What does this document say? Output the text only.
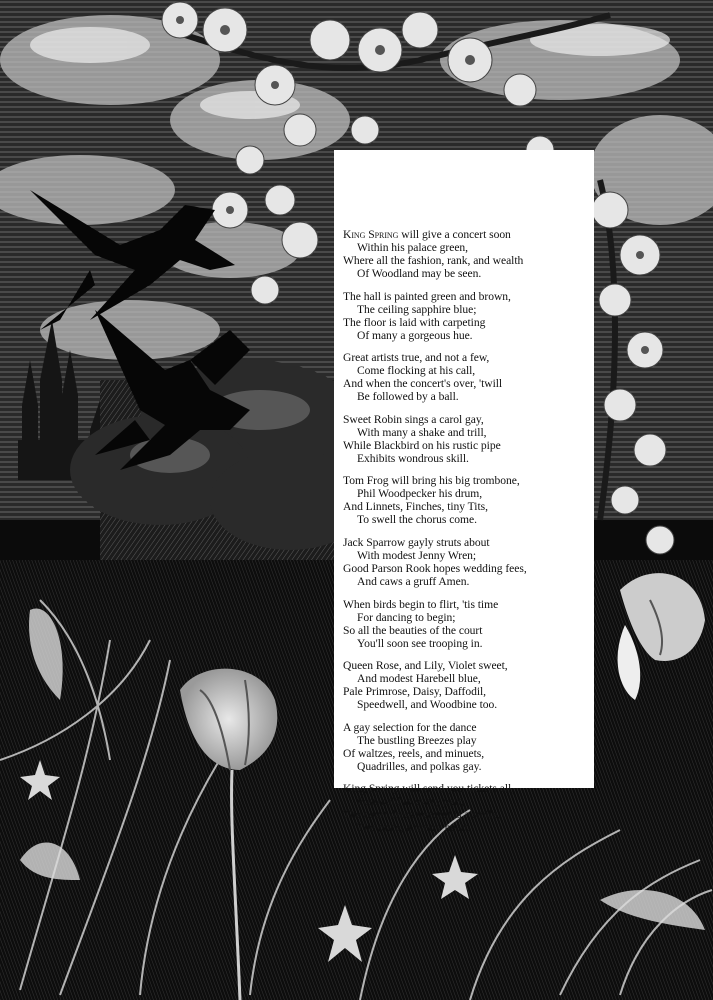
King Spring will give a concert soon
Within his palace green,
Where all the fashion, rank, and wealth
Of Woodland may be seen.
The hall is painted green and brown,
The ceiling sapphire blue;
The floor is laid with carpeting
Of many a gorgeous hue.
Great artists true, and not a few,
Come flocking at his call,
And when the concert's over, 'twill
Be followed by a ball.
Sweet Robin sings a carol gay,
With many a shake and trill,
While Blackbird on his rustic pipe
Exhibits wondrous skill.
Tom Frog will bring his big trombone,
Phil Woodpecker his drum,
And Linnets, Finches, tiny Tits,
To swell the chorus come.
Jack Sparrow gayly struts about
With modest Jenny Wren;
Good Parson Rook hopes wedding fees,
And caws a gruff Amen.
When birds begin to flirt, 'tis time
For dancing to begin;
So all the beauties of the court
You'll soon see trooping in.
Queen Rose, and Lily, Violet sweet,
And modest Harebell blue,
Pale Primrose, Daisy, Daffodil,
Speedwell, and Woodbine too.
A gay selection for the dance
The bustling Breezes play
Of waltzes, reels, and minuets,
Quadrilles, and polkas gay.
King Spring will send you tickets all,
Post-paid to every part;
The court dress needful is a smile,
The price, a merry heart.
